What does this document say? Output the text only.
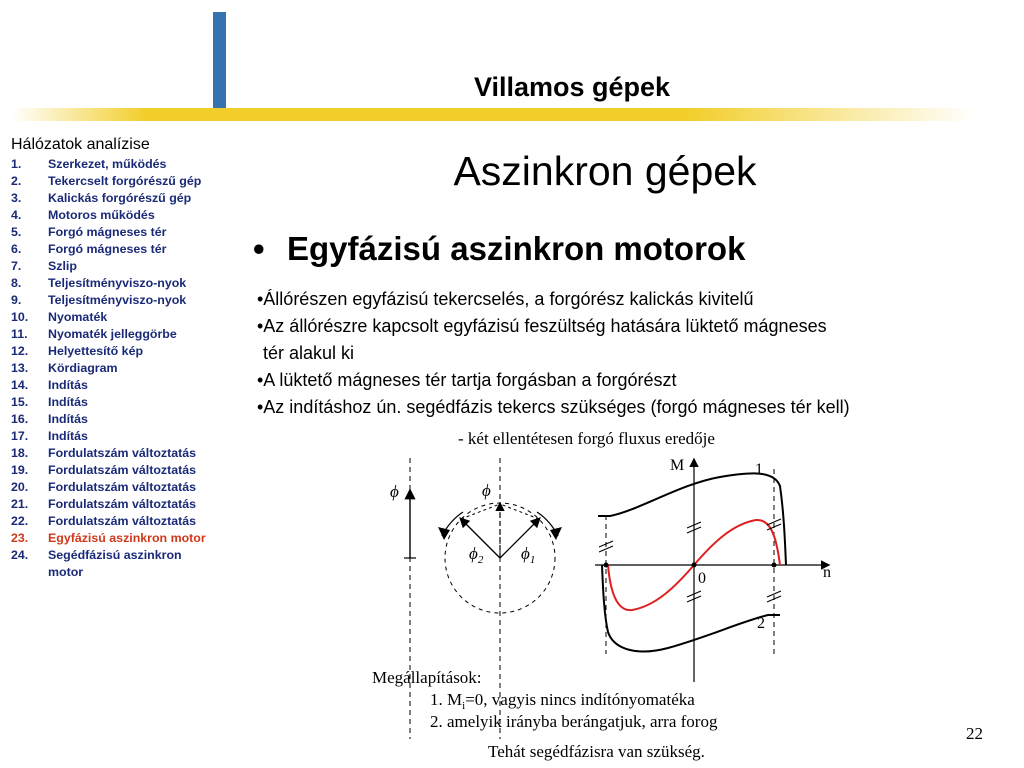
Villamos gépek
Hálózatok analízise
1.	Szerkezet, működés
2.	Tekercselt forgórészű gép
3.	Kalickás forgórészű gép
4.	Motoros működés
5.	Forgó mágneses tér
6.	Forgó mágneses tér
7.	Szlip
8.	Teljesítményviszo-nyok
9.	Teljesítményviszo-nyok
10.	Nyomaték
11.	Nyomaték jelleggörbe
12.	Helyettesítő kép
13.	Kördiagram
14.	Indítás
15.	Indítás
16.	Indítás
17.	Indítás
18.	Fordulatszám változtatás
19.	Fordulatszám változtatás
20.	Fordulatszám változtatás
21.	Fordulatszám változtatás
22.	Fordulatszám változtatás
23.	Egyfázisú aszinkron motor
24.	Segédfázisú aszinkron motor
Aszinkron gépek
• Egyfázisú aszinkron motorok
•Állórészen egyfázisú tekercselés, a forgórész kalickás kivitelű
•Az állórészre kapcsolt egyfázisú feszültség hatására lüktető mágneses
tér alakul ki
•A lüktető mágneses tér tartja forgásban a forgórészt
•Az indításhoz ún. segédfázis tekercs szükséges (forgó mágneses tér kell)
- két ellentétesen forgó fluxus eredője
ϕ	ϕ
$\phi_2$ $\phi_1$
M
n
0
1
2
Megállapítások:
1. $M_i=0$, vagyis nincs indítónyomatéka
2. amelyik irányba berángatjuk, arra forog
Tehát segédfázisra van szükség.
22
